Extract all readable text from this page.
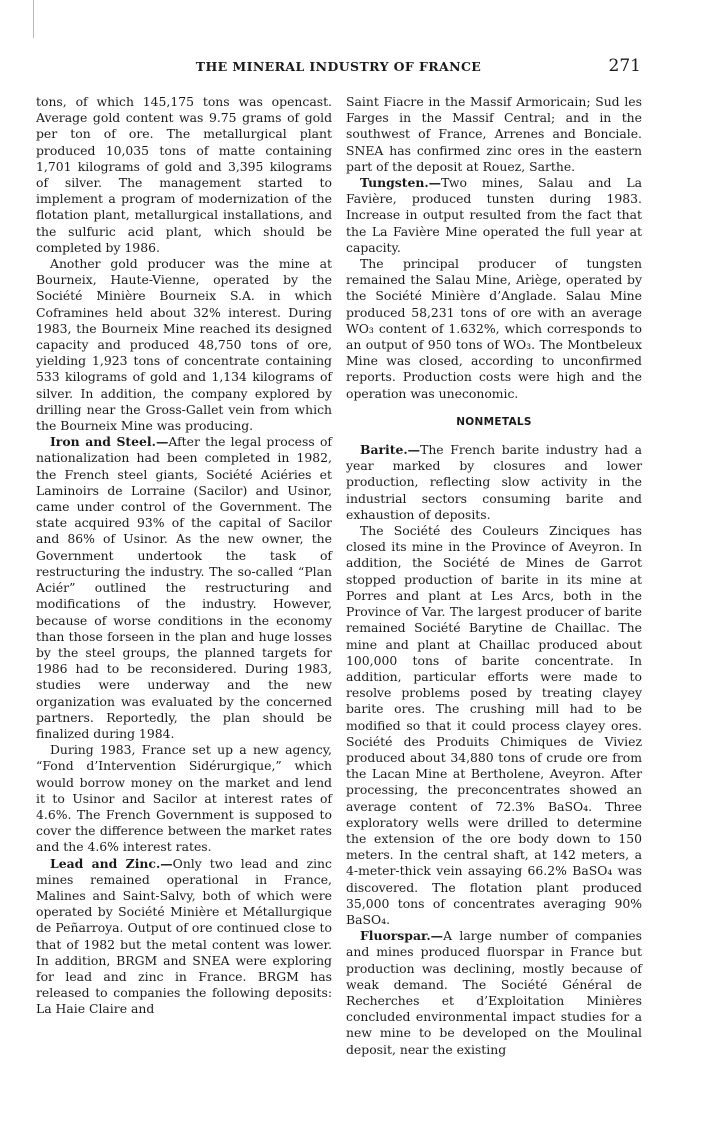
THE MINERAL INDUSTRY OF FRANCE	271

tons, of which 145,175 tons was opencast. Average gold content was 9.75 grams of gold per ton of ore. The metallurgical plant produced 10,035 tons of matte containing 1,701 kilograms of gold and 3,395 kilograms of silver. The management started to implement a program of modernization of the flotation plant, metallurgical installations, and the sulfuric acid plant, which should be completed by 1986.

Another gold producer was the mine at Bourneix, Haute-Vienne, operated by the Société Minière Bourneix S.A. in which Coframines held about 32% interest. During 1983, the Bourneix Mine reached its designed capacity and produced 48,750 tons of ore, yielding 1,923 tons of concentrate containing 533 kilograms of gold and 1,134 kilograms of silver. In addition, the company explored by drilling near the Gross-Gallet vein from which the Bourneix Mine was producing.

Iron and Steel.—After the legal process of nationalization had been completed in 1982, the French steel giants, Société Aciéries et Laminoirs de Lorraine (Sacilor) and Usinor, came under control of the Government. The state acquired 93% of the capital of Sacilor and 86% of Usinor. As the new owner, the Government undertook the task of restructuring the industry. The so-called “Plan Aciér” outlined the restructuring and modifications of the industry. However, because of worse conditions in the economy than those forseen in the plan and huge losses by the steel groups, the planned targets for 1986 had to be reconsidered. During 1983, studies were underway and the new organization was evaluated by the concerned partners. Reportedly, the plan should be finalized during 1984.

During 1983, France set up a new agency, “Fond d’Intervention Sidérurgique,” which would borrow money on the market and lend it to Usinor and Sacilor at interest rates of 4.6%. The French Government is supposed to cover the difference between the market rates and the 4.6% interest rates.

Lead and Zinc.—Only two lead and zinc mines remained operational in France, Malines and Saint-Salvy, both of which were operated by Société Minière et Métallurgique de Peñarroya. Output of ore continued close to that of 1982 but the metal content was lower. In addition, BRGM and SNEA were exploring for lead and zinc in France. BRGM has released to companies the following deposits: La Haie Claire and

Saint Fiacre in the Massif Armoricain; Sud les Farges in the Massif Central; and in the southwest of France, Arrenes and Bonciale. SNEA has confirmed zinc ores in the eastern part of the deposit at Rouez, Sarthe.

Tungsten.—Two mines, Salau and La Favière, produced tunsten during 1983. Increase in output resulted from the fact that the La Favière Mine operated the full year at capacity.

The principal producer of tungsten remained the Salau Mine, Ariège, operated by the Société Minière d’Anglade. Salau Mine produced 58,231 tons of ore with an average WO₃ content of 1.632%, which corresponds to an output of 950 tons of WO₃. The Montbeleux Mine was closed, according to unconfirmed reports. Production costs were high and the operation was uneconomic.

NONMETALS

Barite.—The French barite industry had a year marked by closures and lower production, reflecting slow activity in the industrial sectors consuming barite and exhaustion of deposits.

The Société des Couleurs Zinciques has closed its mine in the Province of Aveyron. In addition, the Société de Mines de Garrot stopped production of barite in its mine at Porres and plant at Les Arcs, both in the Province of Var. The largest producer of barite remained Société Barytine de Chaillac. The mine and plant at Chaillac produced about 100,000 tons of barite concentrate. In addition, particular efforts were made to resolve problems posed by treating clayey barite ores. The crushing mill had to be modified so that it could process clayey ores. Société des Produits Chimiques de Viviez produced about 34,880 tons of crude ore from the Lacan Mine at Bertholene, Aveyron. After processing, the preconcentrates showed an average content of 72.3% BaSO₄. Three exploratory wells were drilled to determine the extension of the ore body down to 150 meters. In the central shaft, at 142 meters, a 4-meter-thick vein assaying 66.2% BaSO₄ was discovered. The flotation plant produced 35,000 tons of concentrates averaging 90% BaSO₄.

Fluorspar.—A large number of companies and mines produced fluorspar in France but production was declining, mostly because of weak demand. The Société Général de Recherches et d’Exploitation Minières concluded environmental impact studies for a new mine to be developed on the Moulinal deposit, near the existing
